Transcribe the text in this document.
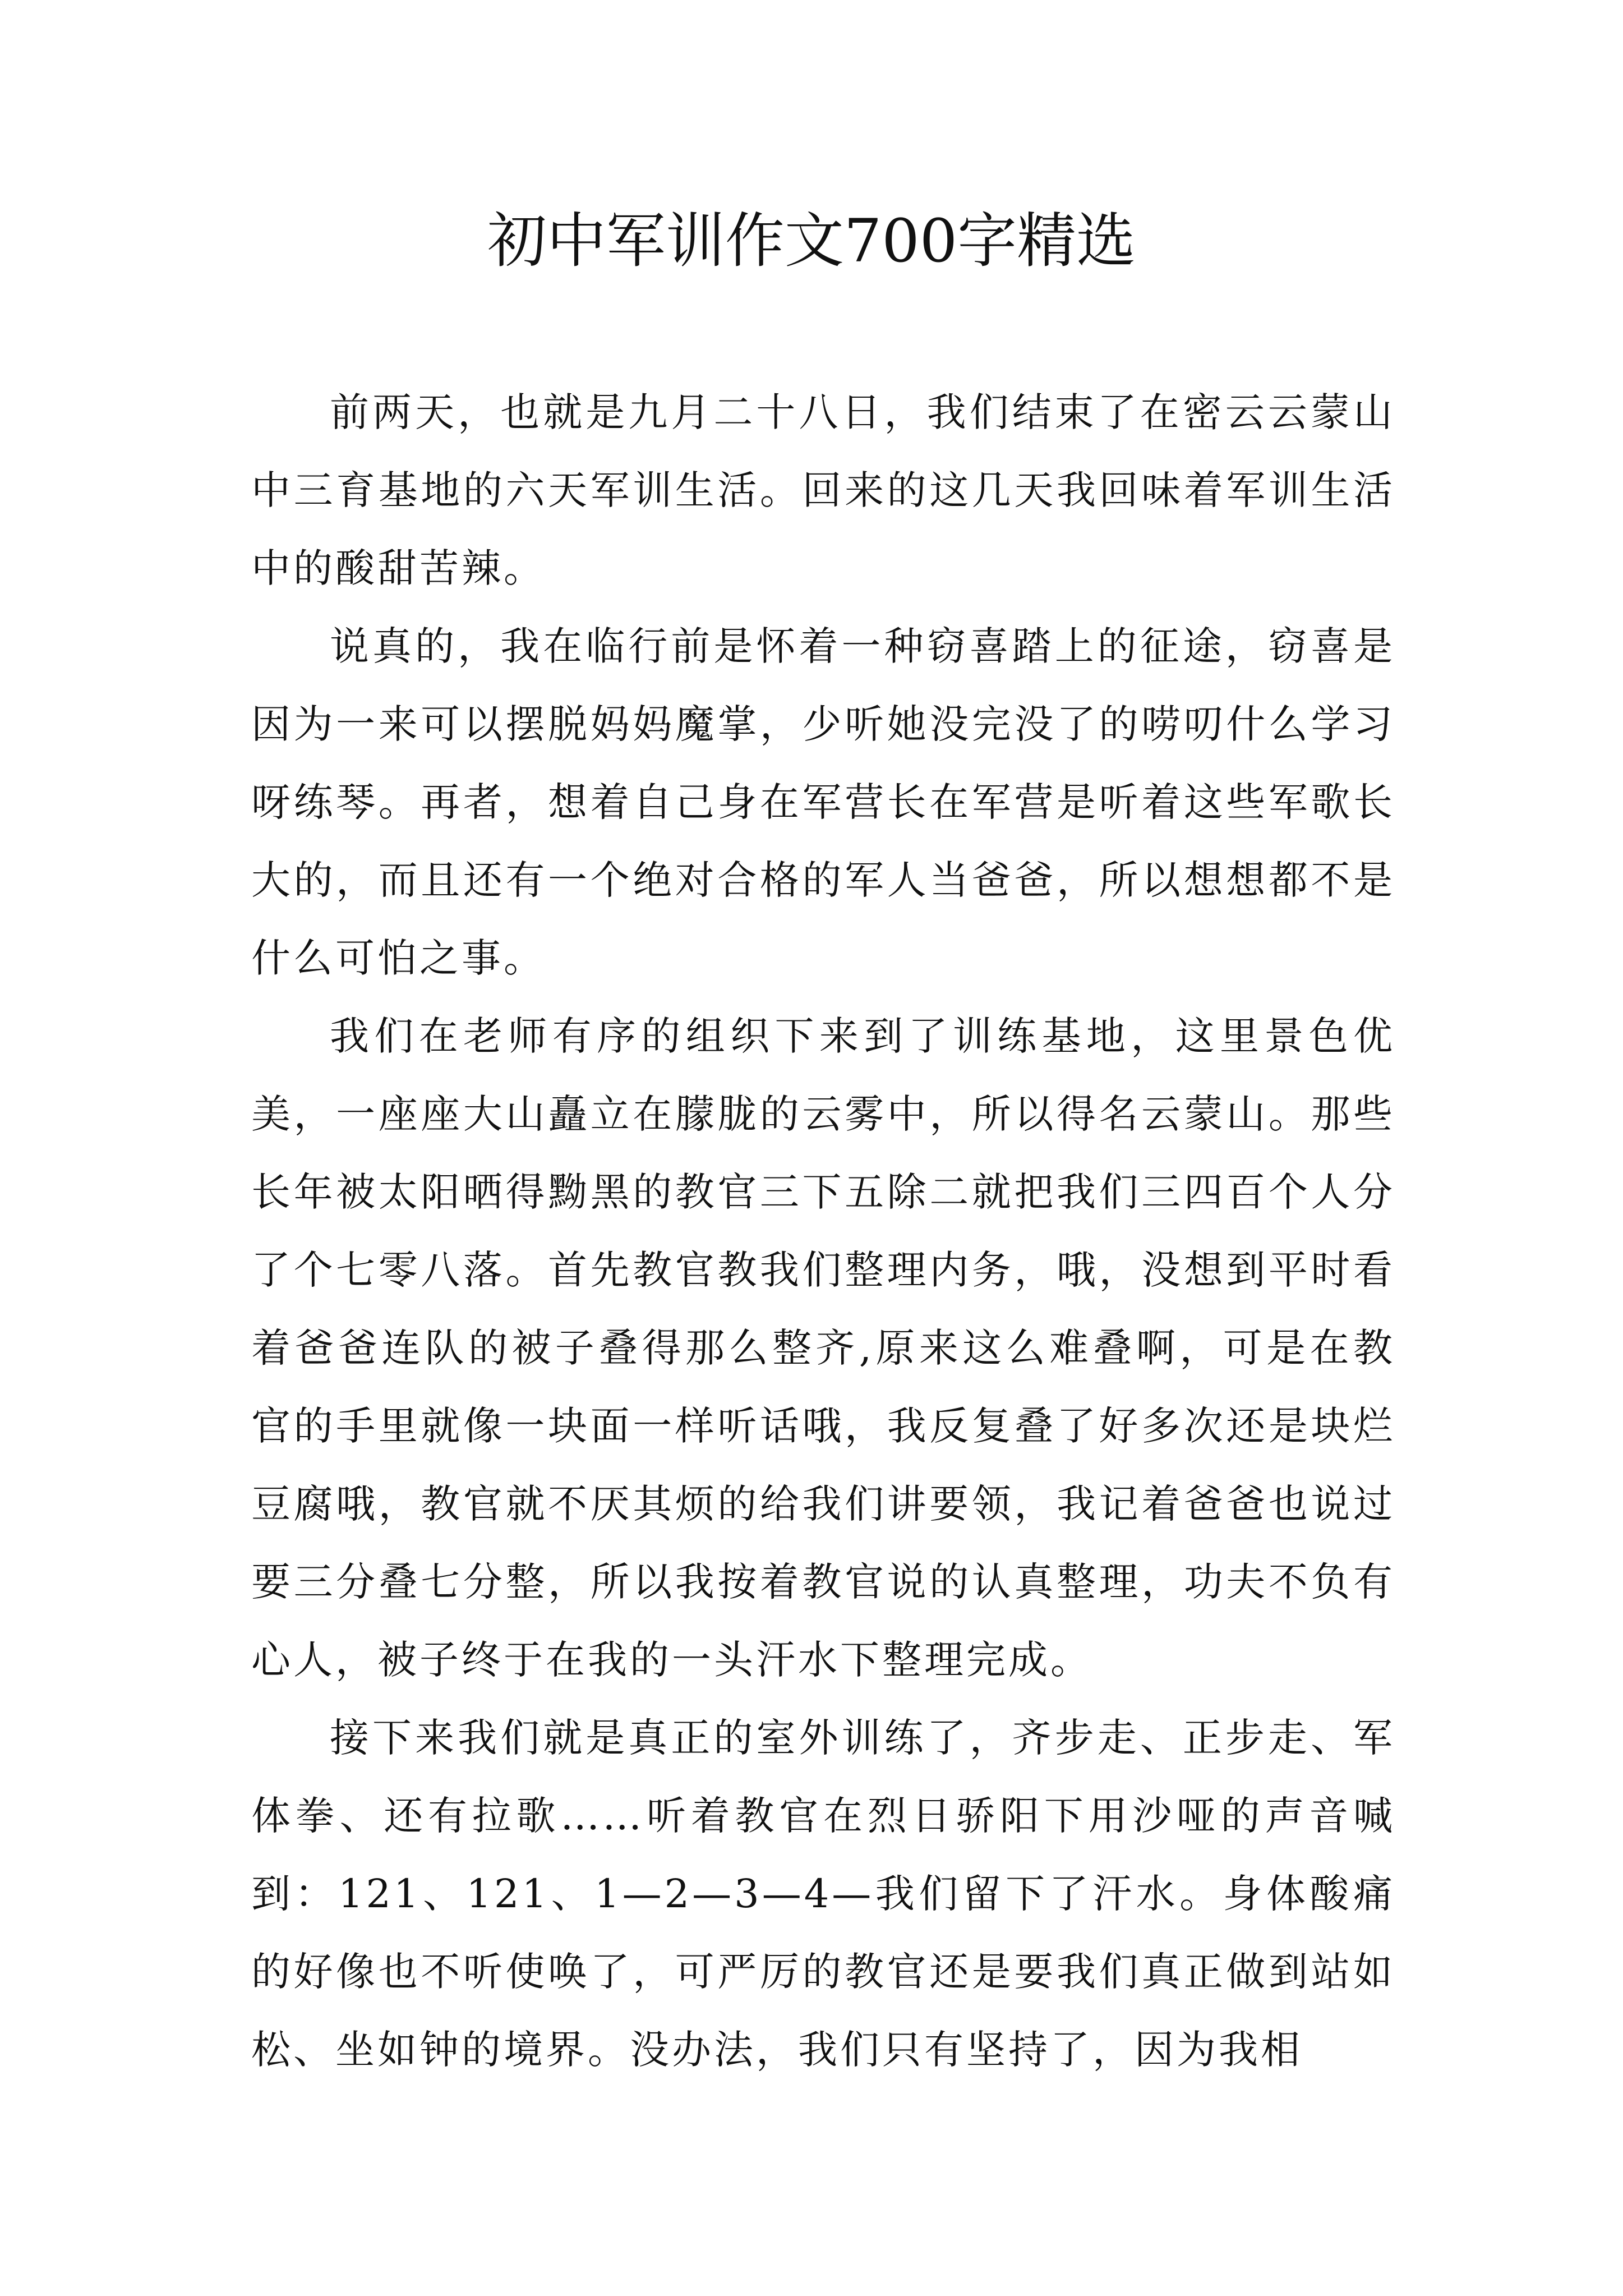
初中军训作文700字精选

前两天，也就是九月二十八日，我们结束了在密云云蒙山中三育基地的六天军训生活。回来的这几天我回味着军训生活中的酸甜苦辣。

说真的，我在临行前是怀着一种窃喜踏上的征途，窃喜是因为一来可以摆脱妈妈魔掌，少听她没完没了的唠叨什么学习呀练琴。再者，想着自己身在军营长在军营是听着这些军歌长大的，而且还有一个绝对合格的军人当爸爸，所以想想都不是什么可怕之事。

我们在老师有序的组织下来到了训练基地，这里景色优美，一座座大山矗立在朦胧的云雾中，所以得名云蒙山。那些长年被太阳晒得黝黑的教官三下五除二就把我们三四百个人分了个七零八落。首先教官教我们整理内务，哦，没想到平时看着爸爸连队的被子叠得那么整齐,原来这么难叠啊，可是在教官的手里就像一块面一样听话哦，我反复叠了好多次还是块烂豆腐哦，教官就不厌其烦的给我们讲要领，我记着爸爸也说过要三分叠七分整，所以我按着教官说的认真整理，功夫不负有心人，被子终于在我的一头汗水下整理完成。

接下来我们就是真正的室外训练了，齐步走、正步走、军体拳、还有拉歌……听着教官在烈日骄阳下用沙哑的声音喊到：121、121、1—2—3—4—我们留下了汗水。身体酸痛的好像也不听使唤了，可严厉的教官还是要我们真正做到站如松、坐如钟的境界。没办法，我们只有坚持了，因为我相
